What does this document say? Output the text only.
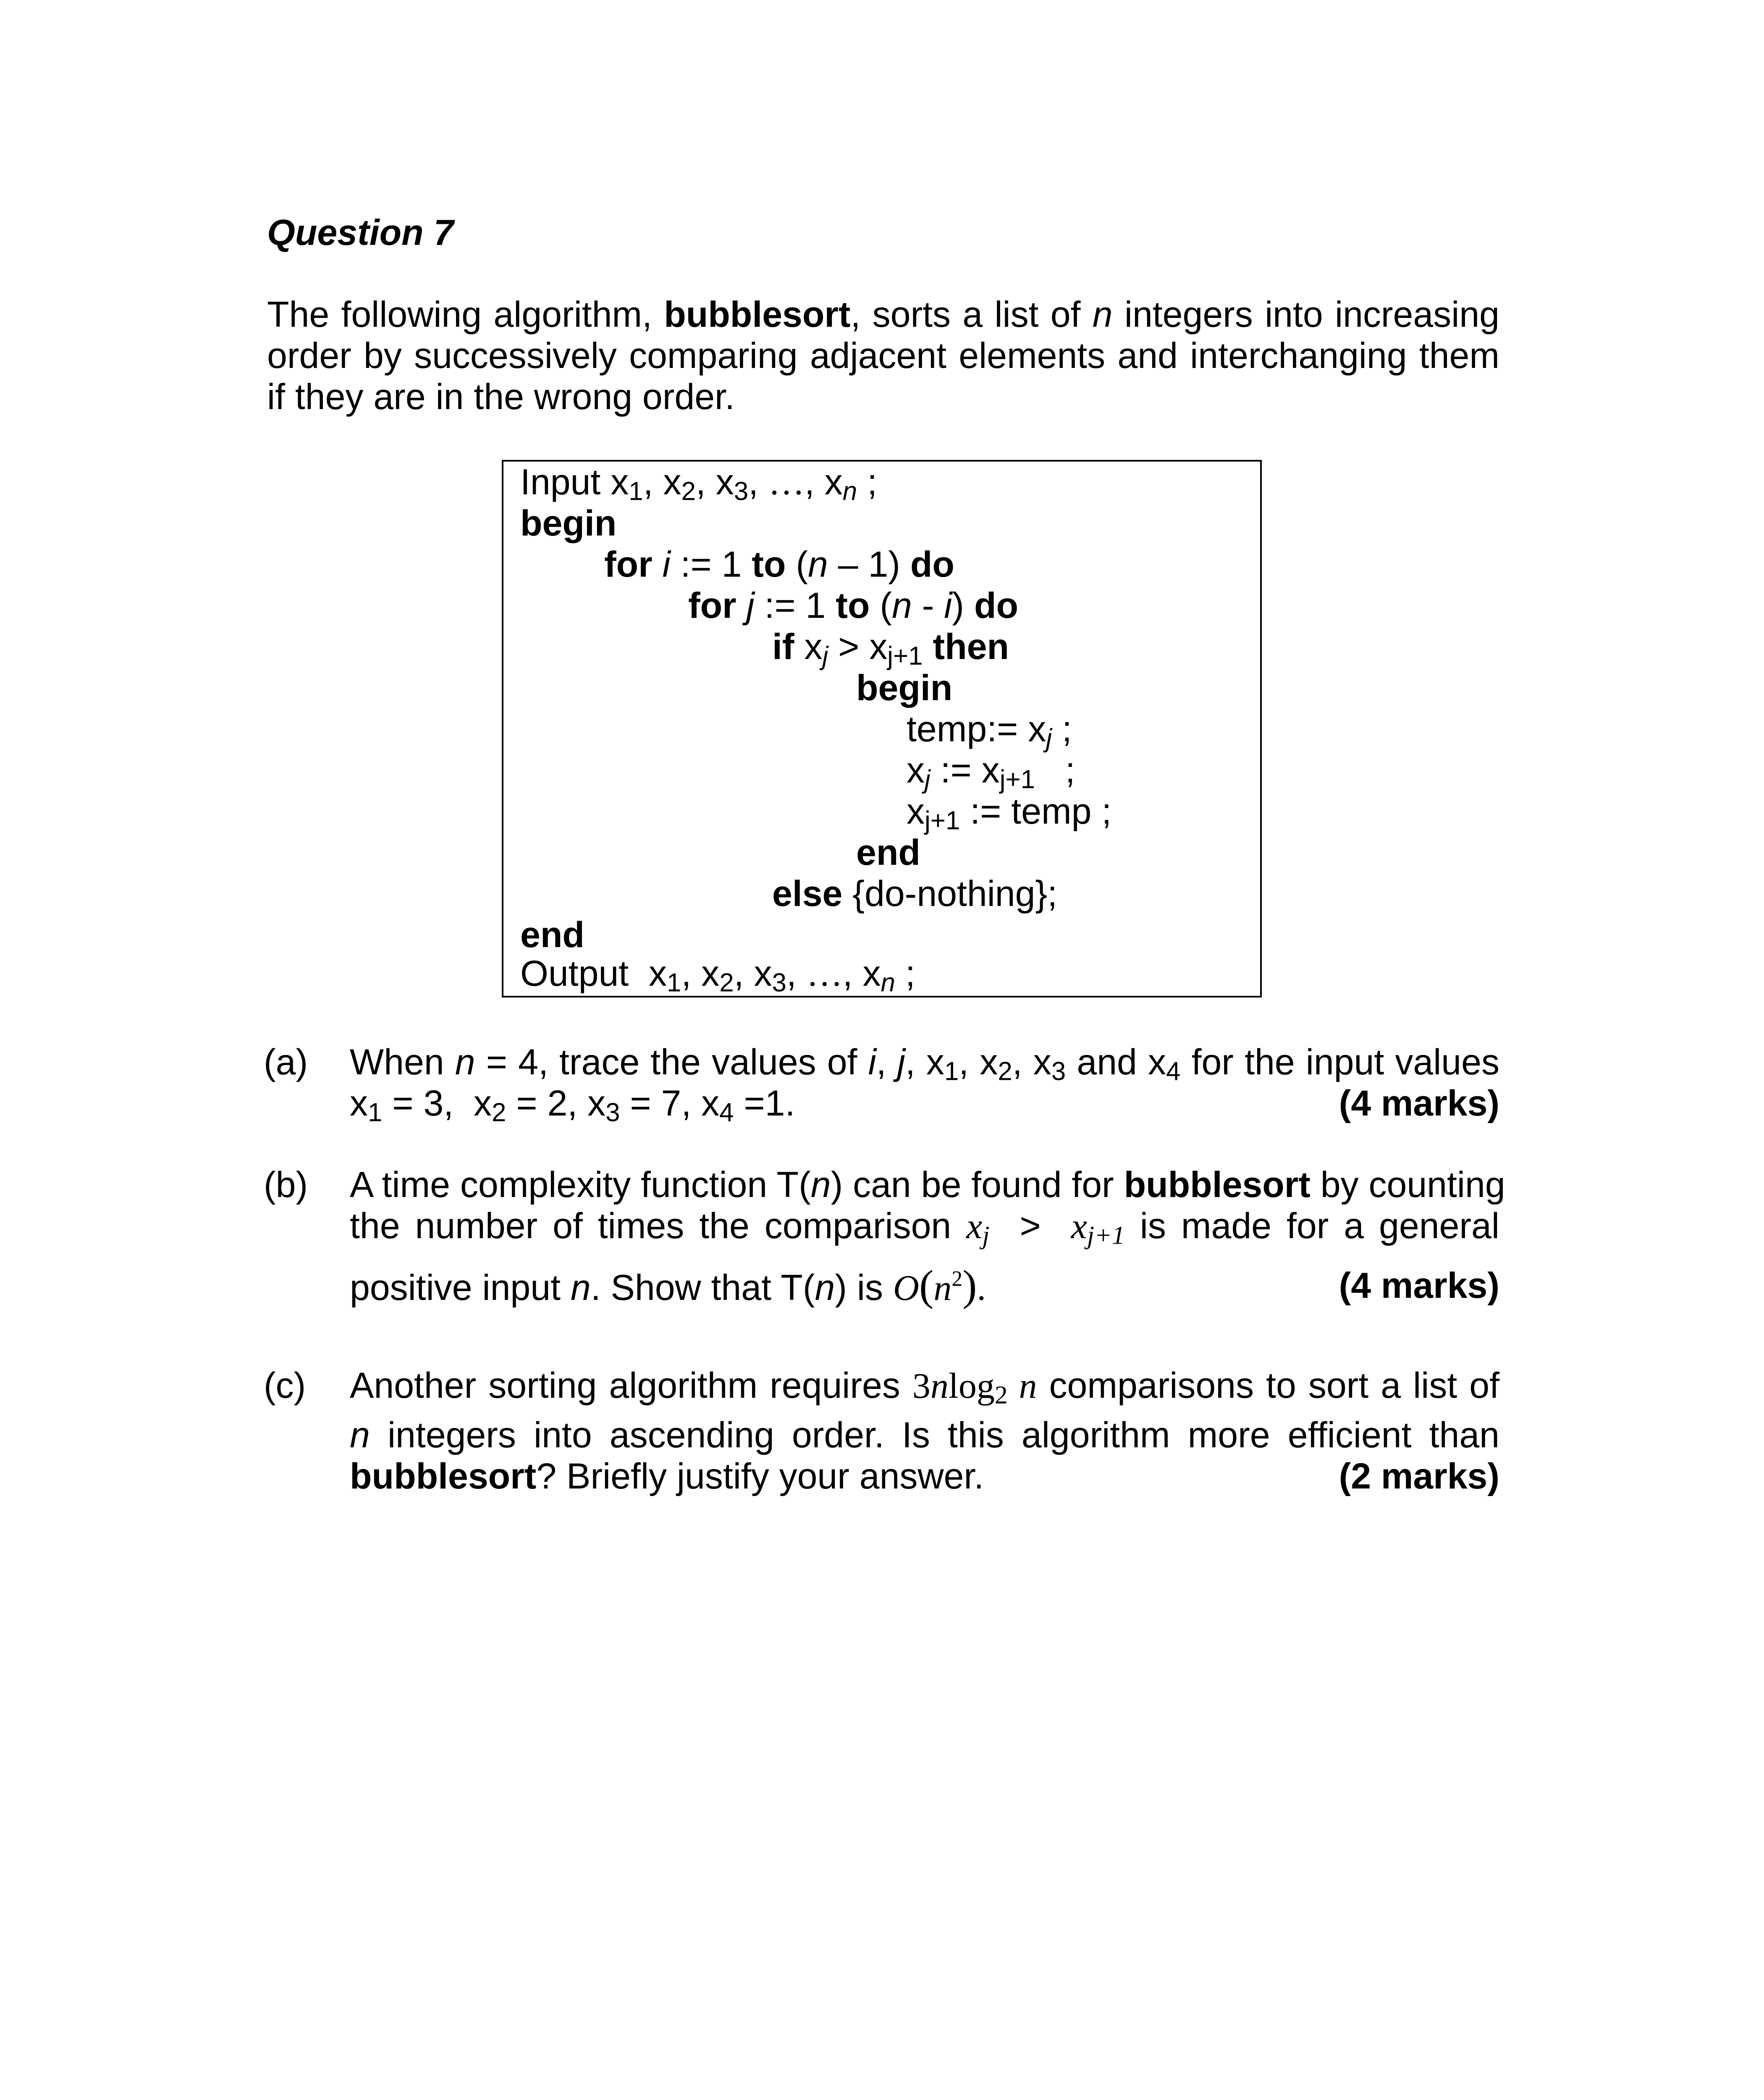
Question 7
The following algorithm, bubblesort, sorts a list of n integers into increasing order by successively comparing adjacent elements and interchanging them if they are in the wrong order.
Input $x_1$, $x_2$, $x_3$, …, $x_n$ ;
begin
for i := 1 to (n – 1) do
for j := 1 to (n - i) do
if $x_j > x_{j+1}$ then
begin
temp:= $x_j$ ;
$x_j$ := $x_{j+1}$ ;
$x_{j+1}$ := temp ;
end
else {do-nothing};
end
Output $x_1$, $x_2$, $x_3$, …, $x_n$ ;
(a) When n = 4, trace the values of i, j, $x_1$, $x_2$, $x_3$ and $x_4$ for the input values
$x_1 = 3$, $x_2 = 2$, $x_3 = 7$, $x_4 =1$.	(4 marks)
(b) A time complexity function T(n) can be found for bubblesort by counting
the number of times the comparison $x_j > x_{j+1}$ is made for a general
positive input n. Show that T(n) is $O(n^2)$.	(4 marks)
(c) Another sorting algorithm requires 3nlog$_2$ n comparisons to sort a list of
n integers into ascending order. Is this algorithm more efficient than
bubblesort? Briefly justify your answer.	(2 marks)
